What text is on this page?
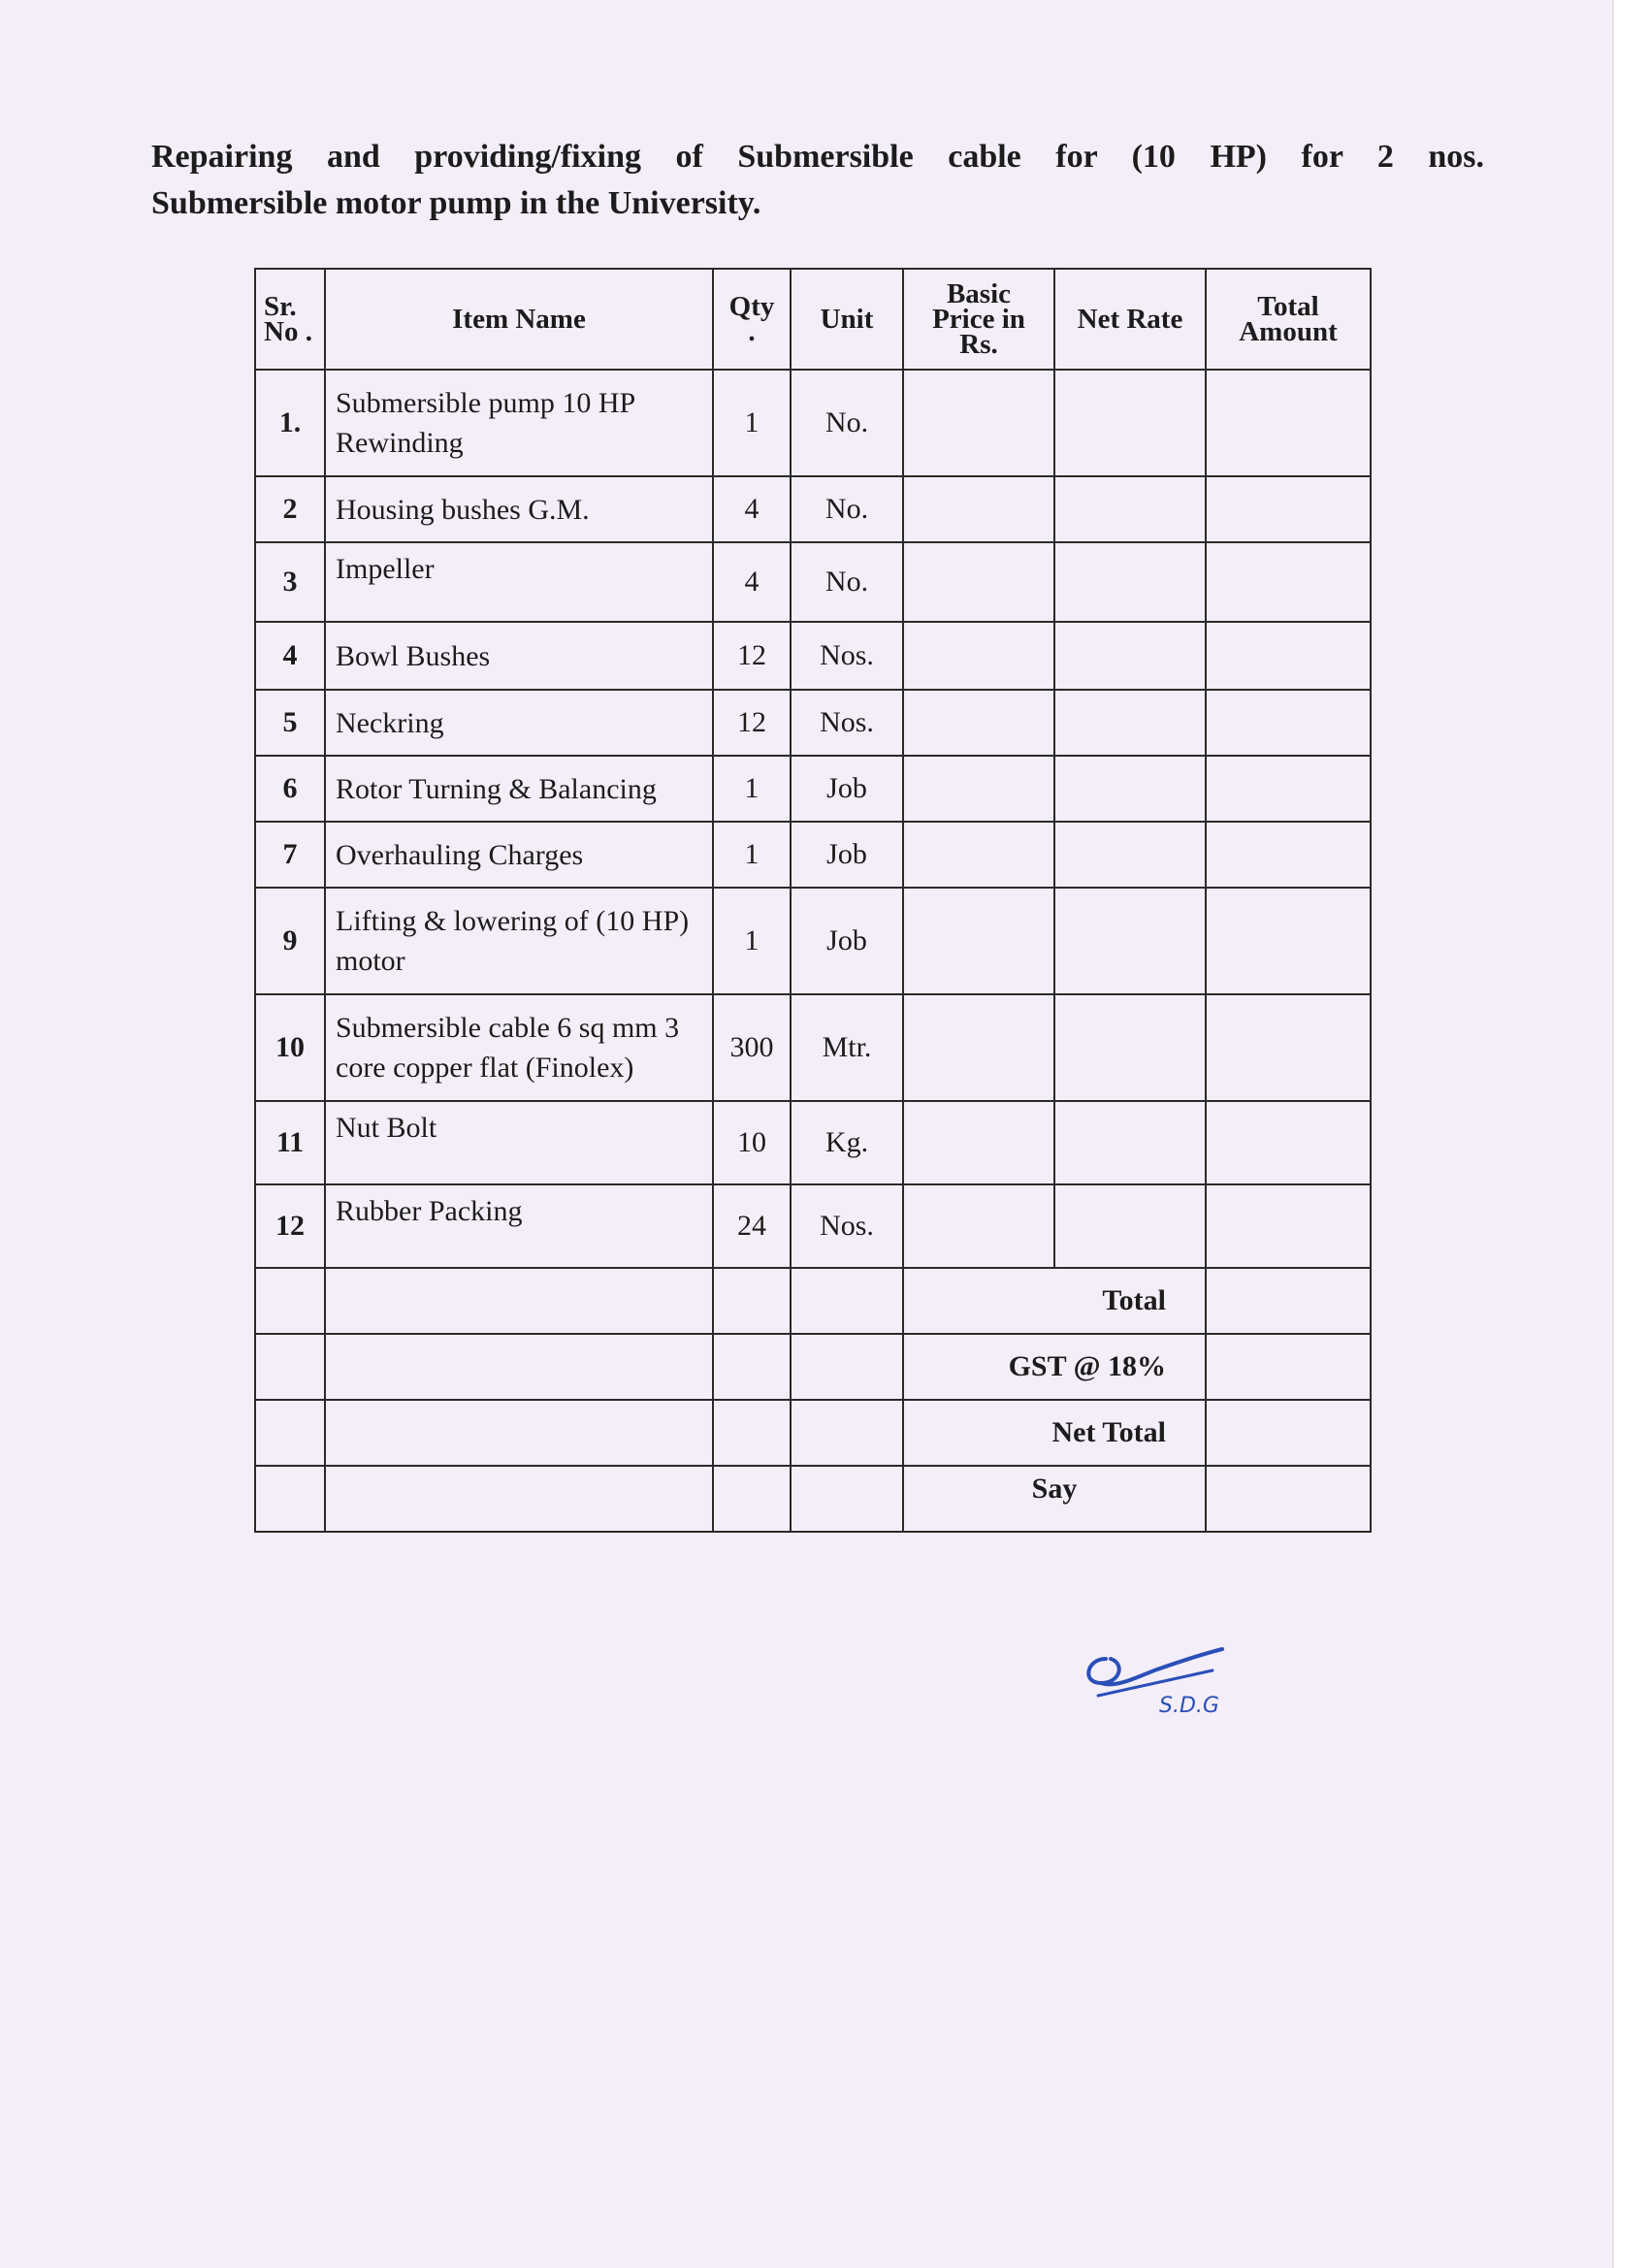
Repairing and providing/fixing of Submersible cable for (10 HP) for 2 nos.
Submersible motor pump in the University.
Sr. No .	Item Name	Qty .	Unit	Basic Price in Rs.	Net Rate	Total Amount
1.	Submersible pump 10 HP Rewinding	1	No.			
2	Housing bushes G.M.	4	No.			
3	Impeller	4	No.			
4	Bowl Bushes	12	Nos.			
5	Neckring	12	Nos.			
6	Rotor Turning & Balancing	1	Job			
7	Overhauling Charges	1	Job			
9	Lifting & lowering of (10 HP) motor	1	Job			
10	Submersible cable 6 sq mm 3 core copper flat (Finolex)	300	Mtr.			
11	Nut Bolt	10	Kg.			
12	Rubber Packing	24	Nos.			
				Total		
				GST @ 18%		
				Net Total		
				Say		
S.D.G
